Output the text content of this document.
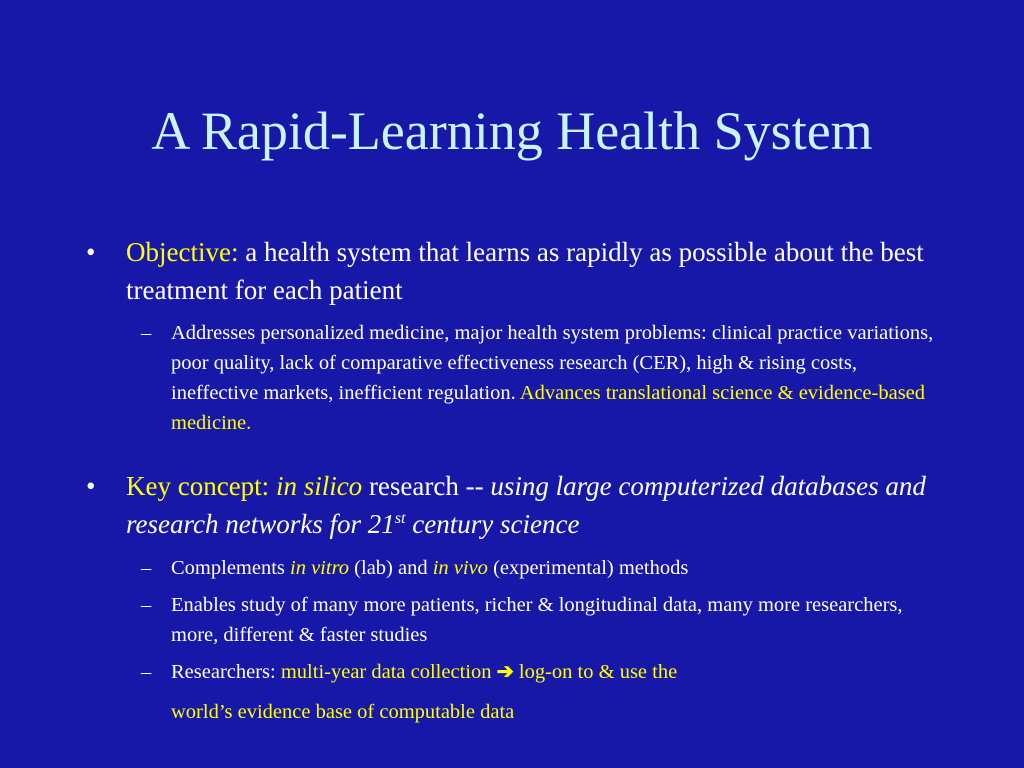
A Rapid-Learning Health System
• Objective: a health system that learns as rapidly as possible about the best treatment for each patient
– Addresses personalized medicine, major health system problems: clinical practice variations, poor quality, lack of comparative effectiveness research (CER), high & rising costs, ineffective markets, inefficient regulation. Advances translational science & evidence-based medicine.
• Key concept: in silico research -- using large computerized databases and research networks for 21st century science
– Complements in vitro (lab) and in vivo (experimental) methods
– Enables study of many more patients, richer & longitudinal data, many more researchers, more, different & faster studies
– Researchers: multi-year data collection ➔ log-on to & use the
world’s evidence base of computable data
